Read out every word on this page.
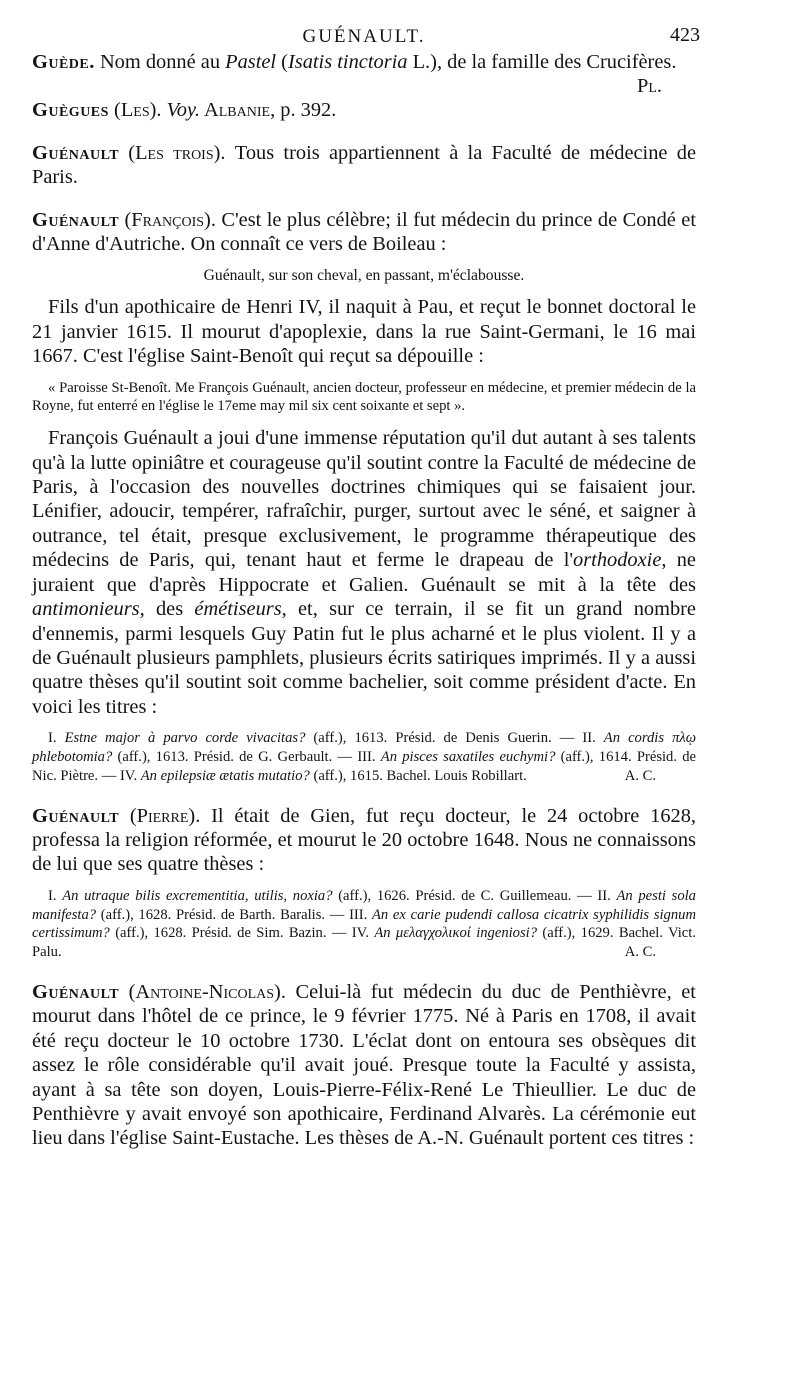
GUÉNAULT.	423

Guède. Nom donné au Pastel (Isatis tinctoria L.), de la famille des Crucifères.
Pl.

Guègues (Les). Voy. Albanie, p. 392.

Guénault (Les trois). Tous trois appartiennent à la Faculté de médecine de Paris.

Guénault (François). C'est le plus célèbre; il fut médecin du prince de Condé et d'Anne d'Autriche. On connaît ce vers de Boileau :

Guénault, sur son cheval, en passant, m'éclabousse.

Fils d'un apothicaire de Henri IV, il naquit à Pau, et reçut le bonnet doctoral le 21 janvier 1615. Il mourut d'apoplexie, dans la rue Saint-Germani, le 16 mai 1667. C'est l'église Saint-Benoît qui reçut sa dépouille :

« Paroisse St-Benoît. Me François Guénault, ancien docteur, professeur en médecine, et premier médecin de la Royne, fut enterré en l'église le 17eme may mil six cent soixante et sept ».

François Guénault a joui d'une immense réputation qu'il dut autant à ses talents qu'à la lutte opiniâtre et courageuse qu'il soutint contre la Faculté de médecine de Paris, à l'occasion des nouvelles doctrines chimiques qui se faisaient jour. Lénifier, adoucir, tempérer, rafraîchir, purger, surtout avec le séné, et saigner à outrance, tel était, presque exclusivement, le programme thérapeutique des médecins de Paris, qui, tenant haut et ferme le drapeau de l'orthodoxie, ne juraient que d'après Hippocrate et Galien. Guénault se mit à la tête des antimonieurs, des émétiseurs, et, sur ce terrain, il se fit un grand nombre d'ennemis, parmi lesquels Guy Patin fut le plus acharné et le plus violent. Il y a de Guénault plusieurs pamphlets, plusieurs écrits satiriques imprimés. Il y a aussi quatre thèses qu'il soutint soit comme bachelier, soit comme président d'acte. En voici les titres :

I. Estne major à parvo corde vivacitas? (aff.), 1613. Présid. de Denis Guerin. — II. An cordis πλῳ phlebotomia? (aff.), 1613. Présid. de G. Gerbault. — III. An pisces saxatiles euchymi? (aff.), 1614. Présid. de Nic. Piètre. — IV. An epilepsiæ ætatis mutatio? (aff.), 1615. Bachel. Louis Robillart.	A. C.

Guénault (Pierre). Il était de Gien, fut reçu docteur, le 24 octobre 1628, professa la religion réformée, et mourut le 20 octobre 1648. Nous ne connaissons de lui que ses quatre thèses :

I. An utraque bilis excrementitia, utilis, noxia? (aff.), 1626. Présid. de C. Guillemeau. — II. An pesti sola manifesta? (aff.), 1628. Présid. de Barth. Baralis. — III. An ex carie pudendi callosa cicatrix syphilidis signum certissimum? (aff.), 1628. Présid. de Sim. Bazin. — IV. An μελαγχολικοί ingeniosi? (aff.), 1629. Bachel. Vict. Palu.	A. C.

Guénault (Antoine-Nicolas). Celui-là fut médecin du duc de Penthièvre, et mourut dans l'hôtel de ce prince, le 9 février 1775. Né à Paris en 1708, il avait été reçu docteur le 10 octobre 1730. L'éclat dont on entoura ses obsèques dit assez le rôle considérable qu'il avait joué. Presque toute la Faculté y assista, ayant à sa tête son doyen, Louis-Pierre-Félix-René Le Thieullier. Le duc de Penthièvre y avait envoyé son apothicaire, Ferdinand Alvarès. La cérémonie eut lieu dans l'église Saint-Eustache. Les thèses de A.-N. Guénault portent ces titres :
